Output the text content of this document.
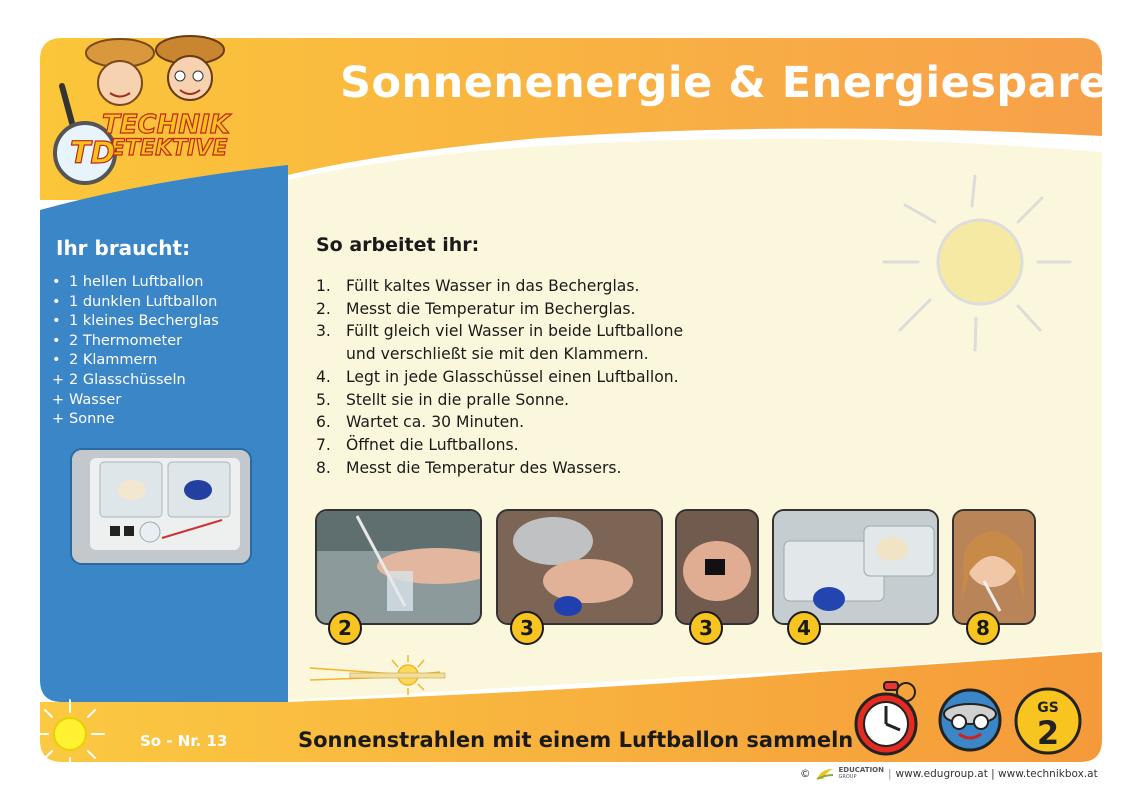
TECHNIK
ETEKTIVE
TD
Sonnenenergie & Energiesparen
Ihr braucht:
• 1 hellen Luftballon
• 1 dunklen Luftballon
• 1 kleines Becherglas
• 2 Thermometer
• 2 Klammern
+ 2 Glasschüsseln
+ Wasser
+ Sonne
So arbeitet ihr:
1. Füllt kaltes Wasser in das Becherglas.
2. Messt die Temperatur im Becherglas.
3. Füllt gleich viel Wasser in beide Luftballone
und verschließt sie mit den Klammern.
4. Legt in jede Glasschüssel einen Luftballon.
5. Stellt sie in die pralle Sonne.
6. Wartet ca. 30 Minuten.
7. Öffnet die Luftballons.
8. Messt die Temperatur des Wassers.
2	3	3	4	8
So - Nr. 13	Sonnenstrahlen mit einem Luftballon sammeln
GS
2
©	EDUCATION
GROUP	| www.edugroup.at | www.technikbox.at
